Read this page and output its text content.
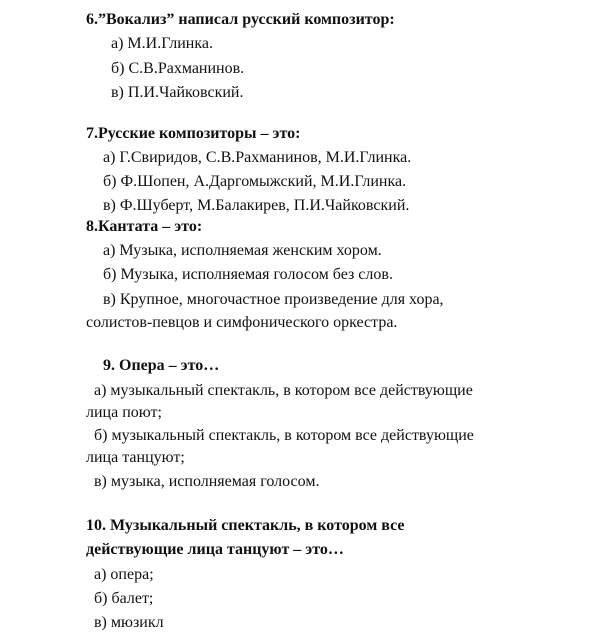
6.”Вокализ” написал русский композитор:
а) М.И.Глинка.
б) С.В.Рахманинов.
в) П.И.Чайковский.
7.Русские композиторы – это:
а) Г.Свиридов, С.В.Рахманинов, М.И.Глинка.
б) Ф.Шопен, А.Даргомыжский, М.И.Глинка.
в) Ф.Шуберт, М.Балакирев, П.И.Чайковский.
8.Кантата – это:
а) Музыка, исполняемая женским хором.
б) Музыка, исполняемая голосом без слов.
в) Крупное, многочастное произведение для хора,
солистов-певцов и симфонического оркестра.
9. Опера – это…
а) музыкальный спектакль, в котором все действующие
лица поют;
б) музыкальный спектакль, в котором все действующие
лица танцуют;
в) музыка, исполняемая голосом.
10. Музыкальный спектакль, в котором все
действующие лица танцуют – это…
а) опера;
б) балет;
в) мюзикл
